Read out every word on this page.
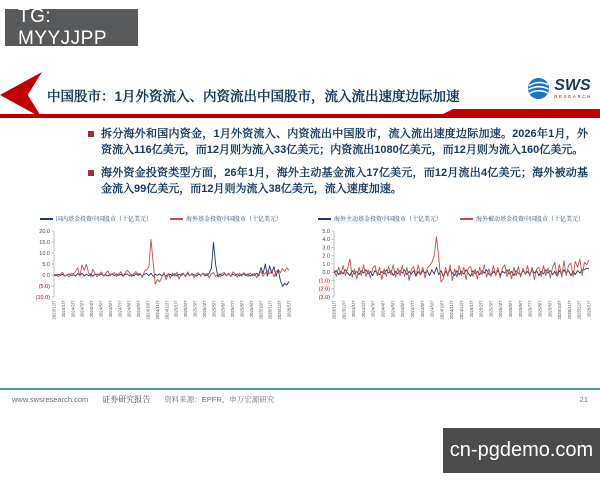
TG: MYYJJPP
中国股市：1月外资流入、内资流出中国股市，流入流出速度边际加速
SWS
RESEARCH
拆分海外和国内资金，1月外资流入、内资流出中国股市，流入流出速度边际加速。2026年1月，外资流入116亿美元，而12月则为流入33亿美元；内资流出1080亿美元，而12月则为流入160亿美元。
海外资金投资类型方面，26年1月，海外主动基金流入17亿美元，而12月流出4亿美元；海外被动基金流入99亿美元，而12月则为流入38亿美元，流入速度加速。
国内基金投资中国股市（十亿美元）	海外基金投资中国股市（十亿美元）
20.0
15.0
10.0
5.0
0.0
(5.0)
(10.0)
2023/12/7 2024/1/7 2024/2/7 2024/3/7 2024/4/7 2024/5/7 2024/6/7 2024/7/7 2024/8/7 2024/9/7 2024/10/7 2024/11/7 2024/12/7 2025/1/7 2025/2/7 2025/3/7 2025/4/7 2025/5/7 2025/6/7 2025/7/7 2025/8/7 2025/9/7 2025/10/7 2025/11/7 2025/12/7 2026/1/7
海外主动基金投资中国股市（十亿美元）	海外被动基金投资中国股市（十亿美元）
5.0
4.0
3.0
2.0
1.0
0.0
(1.0)
(2.0)
(3.0)
2023/11/7 2023/12/7 2024/1/7 2024/2/7 2024/3/7 2024/4/7 2024/5/7 2024/6/7 2024/7/7 2024/8/7 2024/9/7 2024/10/7 2024/11/7 2024/12/7 2025/1/7 2025/2/7 2025/3/7 2025/4/7 2025/5/7 2025/6/7 2025/7/7 2025/8/7 2025/9/7 2025/10/7 2025/11/7 2025/12/7 2026/1/7
www.swsresearch.com 证券研究报告 资料来源：EPFR，申万宏源研究	21
cn-pgdemo.com
